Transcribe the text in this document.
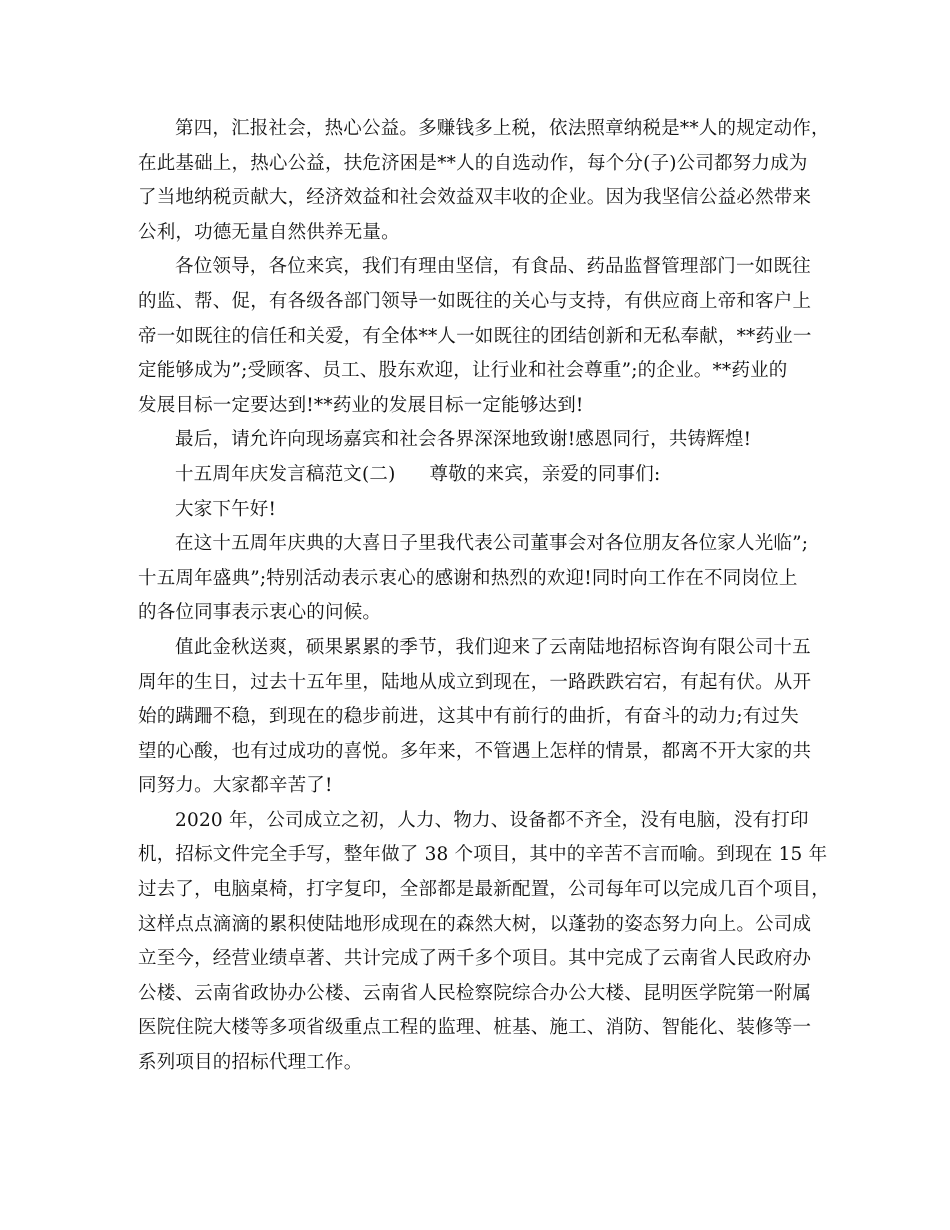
第四，汇报社会，热心公益。多赚钱多上税，依法照章纳税是**人的规定动作，
在此基础上，热心公益，扶危济困是**人的自选动作，每个分(子)公司都努力成为
了当地纳税贡献大，经济效益和社会效益双丰收的企业。因为我坚信公益必然带来
公利，功德无量自然供养无量。

各位领导，各位来宾，我们有理由坚信，有食品、药品监督管理部门一如既往
的监、帮、促，有各级各部门领导一如既往的关心与支持，有供应商上帝和客户上
帝一如既往的信任和关爱，有全体**人一如既往的团结创新和无私奉献，**药业一
定能够成为”;受顾客、员工、股东欢迎，让行业和社会尊重”;的企业。**药业的
发展目标一定要达到!**药业的发展目标一定能够达到!

最后，请允许向现场嘉宾和社会各界深深地致谢!感恩同行，共铸辉煌!

十五周年庆发言稿范文(二) 尊敬的来宾，亲爱的同事们:

大家下午好!

在这十五周年庆典的大喜日子里我代表公司董事会对各位朋友各位家人光临”;
十五周年盛典”;特别活动表示衷心的感谢和热烈的欢迎!同时向工作在不同岗位上
的各位同事表示衷心的问候。

值此金秋送爽，硕果累累的季节，我们迎来了云南陆地招标咨询有限公司十五
周年的生日，过去十五年里，陆地从成立到现在，一路跌跌宕宕，有起有伏。从开
始的蹒跚不稳，到现在的稳步前进，这其中有前行的曲折，有奋斗的动力;有过失
望的心酸，也有过成功的喜悦。多年来，不管遇上怎样的情景，都离不开大家的共
同努力。大家都辛苦了!

2020 年，公司成立之初，人力、物力、设备都不齐全，没有电脑，没有打印
机，招标文件完全手写，整年做了 38 个项目，其中的辛苦不言而喻。到现在 15 年
过去了，电脑桌椅，打字复印，全部都是最新配置，公司每年可以完成几百个项目，
这样点点滴滴的累积使陆地形成现在的森然大树，以蓬勃的姿态努力向上。公司成
立至今，经营业绩卓著、共计完成了两千多个项目。其中完成了云南省人民政府办
公楼、云南省政协办公楼、云南省人民检察院综合办公大楼、昆明医学院第一附属
医院住院大楼等多项省级重点工程的监理、桩基、施工、消防、智能化、装修等一
系列项目的招标代理工作。
